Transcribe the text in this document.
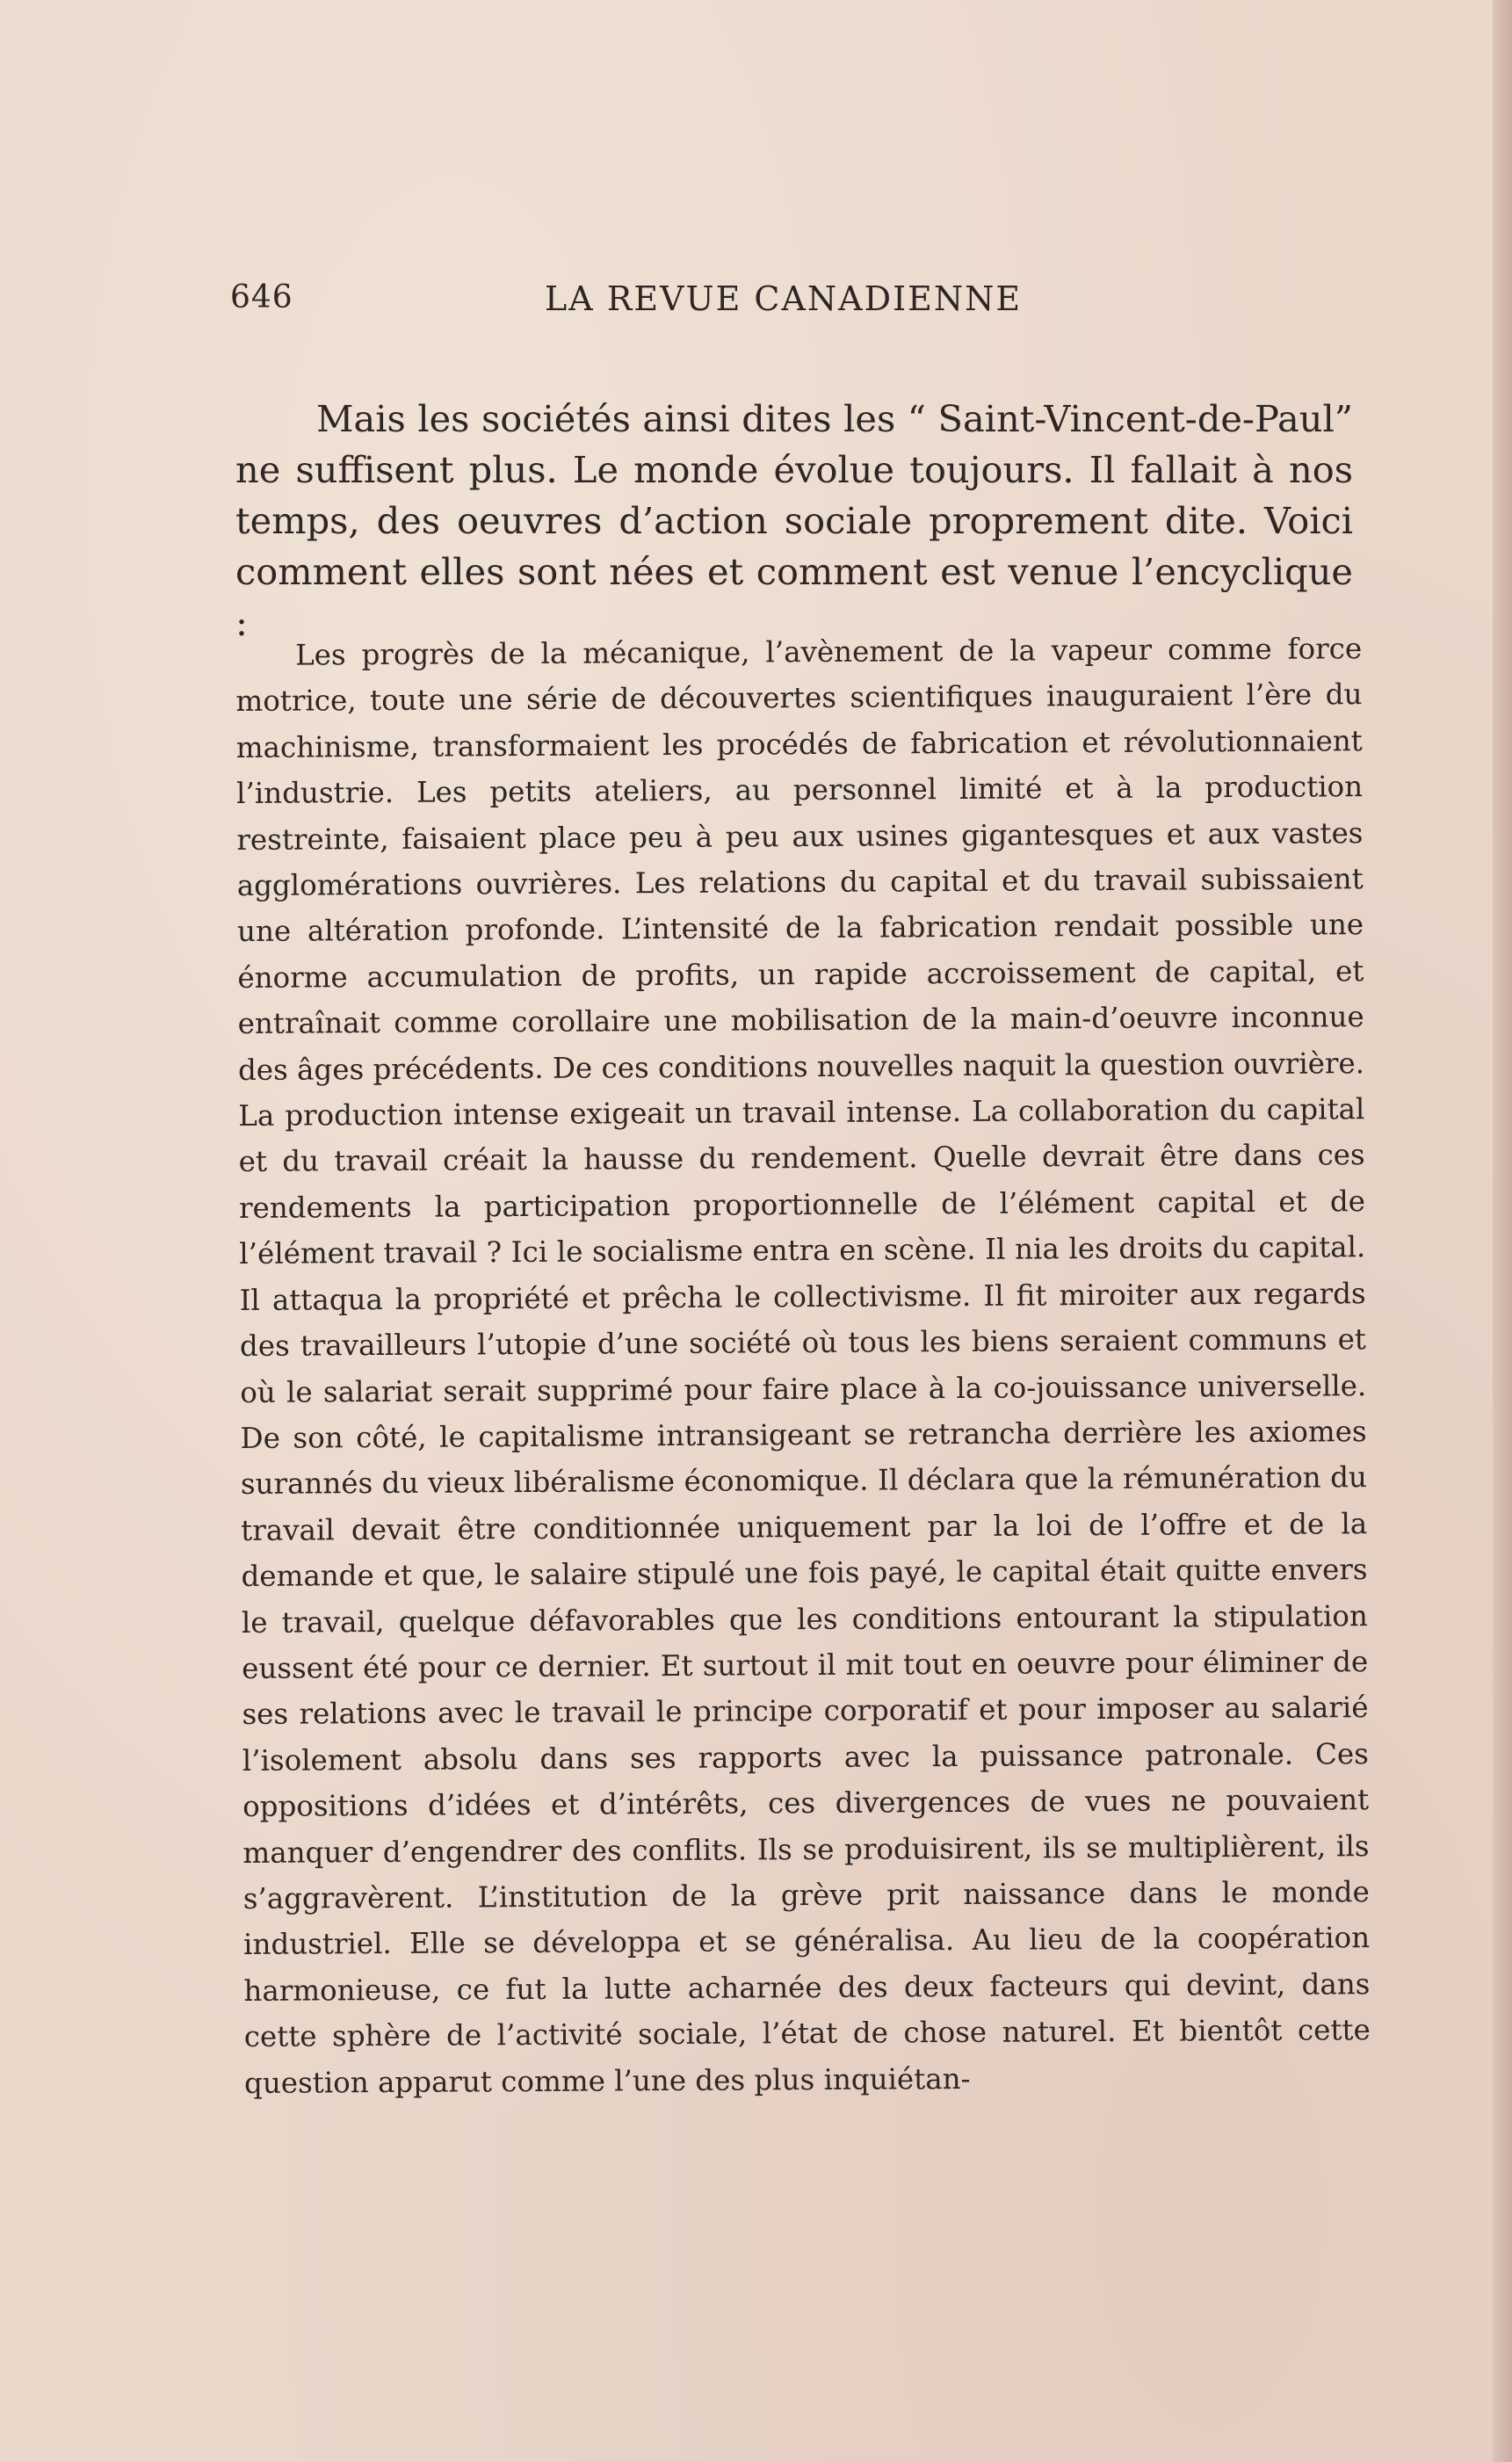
646	LA REVUE CANADIENNE

Mais les sociétés ainsi dites les “ Saint-Vincent-de-Paul” ne suffisent plus. Le monde évolue toujours. Il fallait à nos temps, des oeuvres d’action sociale proprement dite. Voici comment elles sont nées et comment est venue l’encyclique :

Les progrès de la mécanique, l’avènement de la vapeur comme force motrice, toute une série de découvertes scientifiques inauguraient l’ère du machinisme, transformaient les procédés de fabrication et révolutionnaient l’industrie. Les petits ateliers, au personnel limité et à la production restreinte, faisaient place peu à peu aux usines gigantesques et aux vastes agglomérations ouvrières. Les relations du capital et du travail subissaient une altération profonde. L’intensité de la fabrication rendait possible une énorme accumulation de profits, un rapide accroissement de capital, et entraînait comme corollaire une mobilisation de la main-d’oeuvre inconnue des âges précédents. De ces conditions nouvelles naquit la question ouvrière. La production intense exigeait un travail intense. La collaboration du capital et du travail créait la hausse du rendement. Quelle devrait être dans ces rendements la participation proportionnelle de l’élément capital et de l’élément travail ? Ici le socialisme entra en scène. Il nia les droits du capital. Il attaqua la propriété et prêcha le collectivisme. Il fit miroiter aux regards des travailleurs l’utopie d’une société où tous les biens seraient communs et où le salariat serait supprimé pour faire place à la co-jouissance universelle. De son côté, le capitalisme intransigeant se retrancha derrière les axiomes surannés du vieux libéralisme économique. Il déclara que la rémunération du travail devait être conditionnée uniquement par la loi de l’offre et de la demande et que, le salaire stipulé une fois payé, le capital était quitte envers le travail, quelque défavorables que les conditions entourant la stipulation eussent été pour ce dernier. Et surtout il mit tout en oeuvre pour éliminer de ses relations avec le travail le principe corporatif et pour imposer au salarié l’isolement absolu dans ses rapports avec la puissance patronale. Ces oppositions d’idées et d’intérêts, ces divergences de vues ne pouvaient manquer d’engendrer des conflits. Ils se produisirent, ils se multiplièrent, ils s’aggravèrent. L’institution de la grève prit naissance dans le monde industriel. Elle se développa et se généralisa. Au lieu de la coopération harmonieuse, ce fut la lutte acharnée des deux facteurs qui devint, dans cette sphère de l’activité sociale, l’état de chose naturel. Et bientôt cette question apparut comme l’une des plus inquiétan-
